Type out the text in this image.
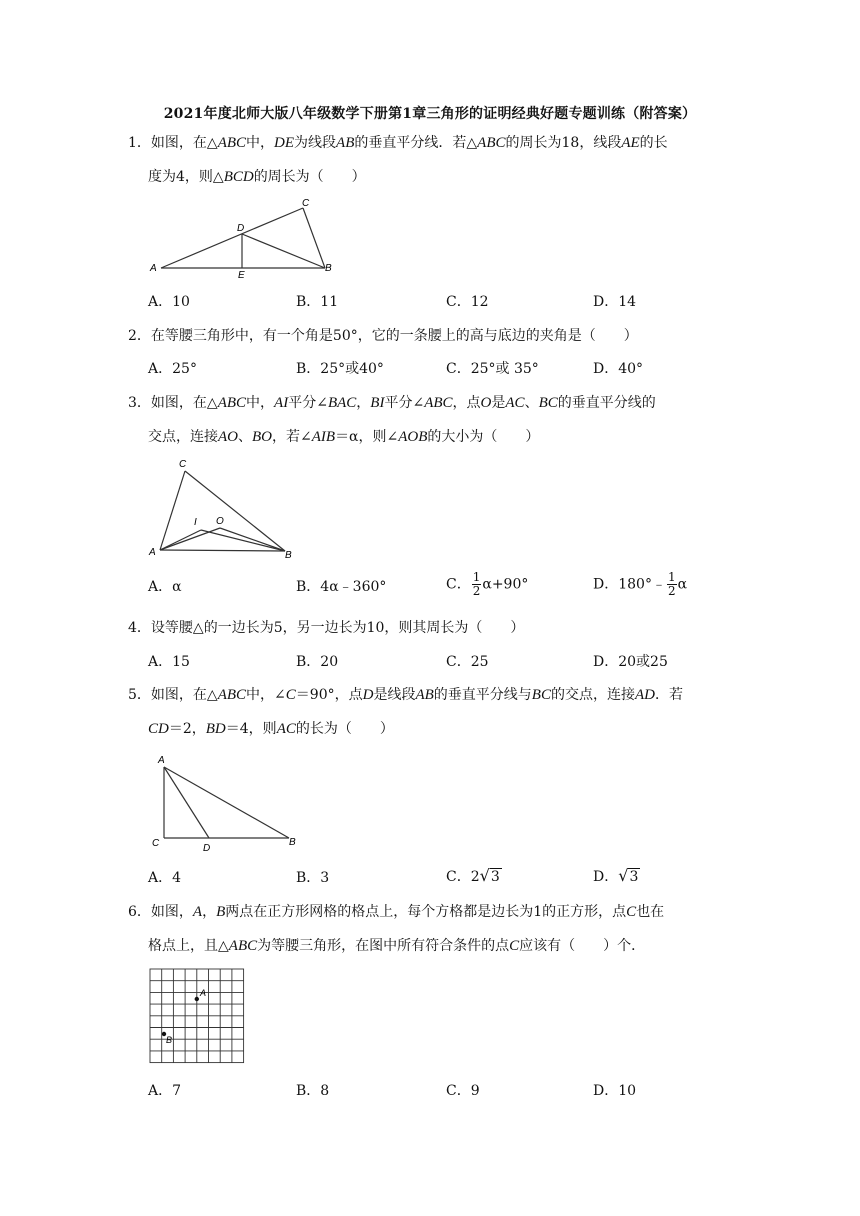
2021年度北师大版八年级数学下册第1章三角形的证明经典好题专题训练（附答案）
1．如图，在△ABC中，DE为线段AB的垂直平分线．若△ABC的周长为18，线段AE的长
度为4，则△BCD的周长为（　　）
A	B
C
D
E
A．10	B．11	C．12	D．14
2．在等腰三角形中，有一个角是50°，它的一条腰上的高与底边的夹角是（　　）
A．25°	B．25°或40°	C．25°或 35°	D．40°
3．如图，在△ABC中，AI平分∠BAC，BI平分∠ABC，点O是AC、BC的垂直平分线的
交点，连接AO、BO，若∠AIB＝α，则∠AOB的大小为（　　）
A	B
C
I O
A．α	B．4α﹣360°	C． $\frac{1}{2} \alpha+90^\circ$	D．180°﹣ $\frac{1}{2}$ α
4．设等腰△的一边长为5，另一边长为10，则其周长为（　　）
A．15	B．20	C．25	D．20或25
5．如图，在△ABC中，∠C＝90°，点D是线段AB的垂直平分线与BC的交点，连接AD．若
CD＝2，BD＝4，则AC的长为（　　）
A
B
C	D
A．4	B．3	C．2√3	D．√3
6．如图，A，B两点在正方形网格的格点上，每个方格都是边长为1的正方形，点C也在
格点上，且△ABC为等腰三角形，在图中所有符合条件的点C应该有（　　）个．
A
B
A．7	B．8	C．9	D．10
